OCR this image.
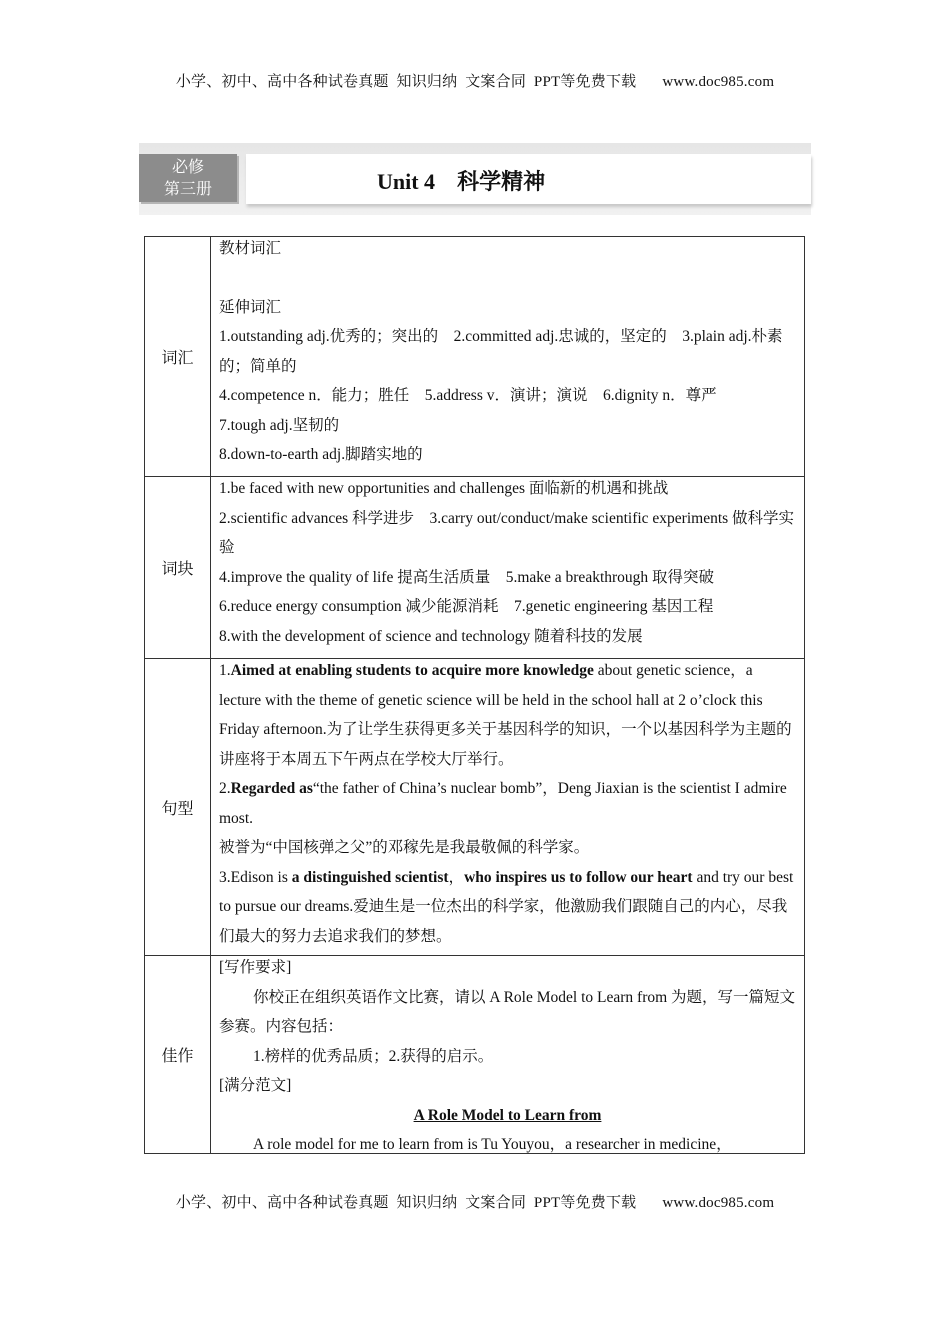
小学、初中、高中各种试卷真题  知识归纳  文案合同  PPT等免费下载 www.doc985.com
必修
第三册	Unit 4 科学精神
词汇

教材词汇

延伸词汇

1.outstanding adj.优秀的；突出的　2.committed adj.忠诚的，坚定的　3.plain adj.朴素的；简单的

4.competence n．能力；胜任　5.address v．演讲；演说　6.dignity n．尊严

7.tough adj.坚韧的

8.down-to-earth adj.脚踏实地的

词块

1.be faced with new opportunities and challenges 面临新的机遇和挑战

2.scientific advances 科学进步　3.carry out/conduct/make scientific experiments 做科学实验

4.improve the quality of life 提高生活质量　5.make a breakthrough 取得突破

6.reduce energy consumption 减少能源消耗　7.genetic engineering 基因工程

8.with the development of science and technology 随着科技的发展

句型

1.Aimed at enabling students to acquire more knowledge about genetic science，a lecture with the theme of genetic science will be held in the school hall at 2 o’clock this Friday afternoon.为了让学生获得更多关于基因科学的知识，一个以基因科学为主题的讲座将于本周五下午两点在学校大厅举行。

2.Regarded as“the father of China’s nuclear bomb”，Deng Jiaxian is the scientist I admire most.

被誉为“中国核弹之父”的邓稼先是我最敬佩的科学家。

3.Edison is a distinguished scientist，who inspires us to follow our heart and try our best to pursue our dreams.爱迪生是一位杰出的科学家，他激励我们跟随自己的内心，尽我们最大的努力去追求我们的梦想。

佳作

[写作要求]

你校正在组织英语作文比赛，请以 A Role Model to Learn from 为题，写一篇短文参赛。内容包括：

1.榜样的优秀品质；2.获得的启示。

[满分范文]

A Role Model to Learn from

A role model for me to learn from is Tu Youyou，a researcher in medicine，

小学、初中、高中各种试卷真题  知识归纳  文案合同  PPT等免费下载 www.doc985.com
